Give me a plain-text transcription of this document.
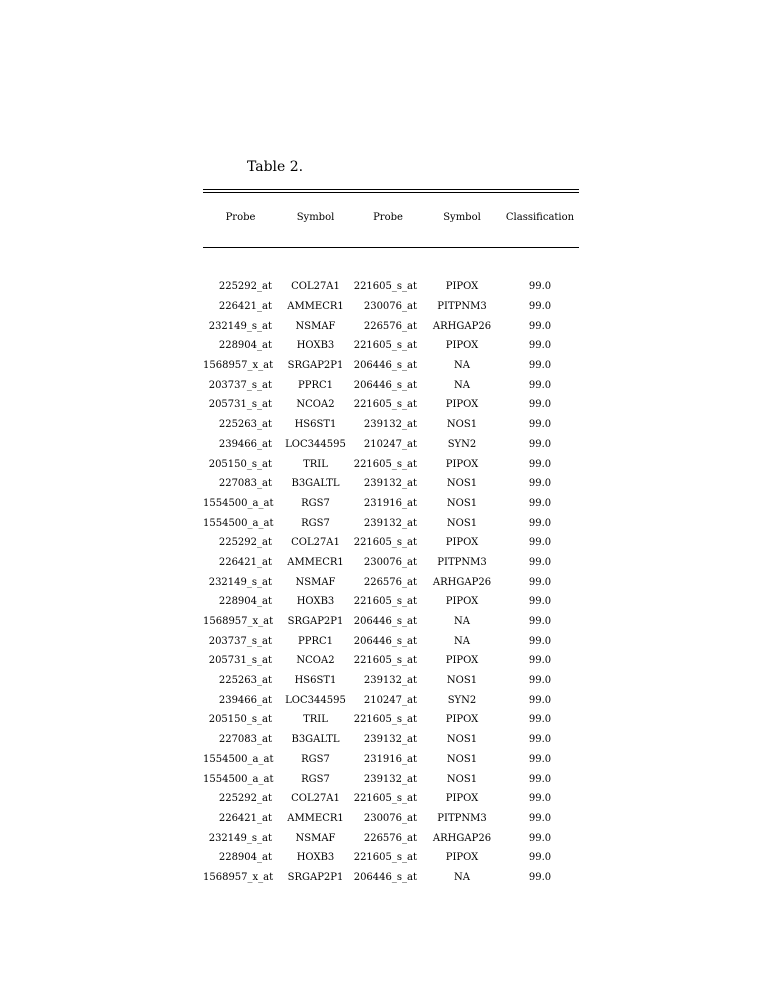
Table 2.
Probe	Symbol	Probe	Symbol	Classification

225292_at	COL27A1	221605_s_at	PIPOX	99.0
226421_at	AMMECR1	230076_at	PITPNM3	99.0
232149_s_at	NSMAF	226576_at	ARHGAP26	99.0
228904_at	HOXB3	221605_s_at	PIPOX	99.0
1568957_x_at	SRGAP2P1	206446_s_at	NA	99.0
203737_s_at	PPRC1	206446_s_at	NA	99.0
205731_s_at	NCOA2	221605_s_at	PIPOX	99.0
225263_at	HS6ST1	239132_at	NOS1	99.0
239466_at	LOC344595	210247_at	SYN2	99.0
205150_s_at	TRIL	221605_s_at	PIPOX	99.0
227083_at	B3GALTL	239132_at	NOS1	99.0
1554500_a_at	RGS7	231916_at	NOS1	99.0
1554500_a_at	RGS7	239132_at	NOS1	99.0
225292_at	COL27A1	221605_s_at	PIPOX	99.0
226421_at	AMMECR1	230076_at	PITPNM3	99.0
232149_s_at	NSMAF	226576_at	ARHGAP26	99.0
228904_at	HOXB3	221605_s_at	PIPOX	99.0
1568957_x_at	SRGAP2P1	206446_s_at	NA	99.0
203737_s_at	PPRC1	206446_s_at	NA	99.0
205731_s_at	NCOA2	221605_s_at	PIPOX	99.0
225263_at	HS6ST1	239132_at	NOS1	99.0
239466_at	LOC344595	210247_at	SYN2	99.0
205150_s_at	TRIL	221605_s_at	PIPOX	99.0
227083_at	B3GALTL	239132_at	NOS1	99.0
1554500_a_at	RGS7	231916_at	NOS1	99.0
1554500_a_at	RGS7	239132_at	NOS1	99.0
225292_at	COL27A1	221605_s_at	PIPOX	99.0
226421_at	AMMECR1	230076_at	PITPNM3	99.0
232149_s_at	NSMAF	226576_at	ARHGAP26	99.0
228904_at	HOXB3	221605_s_at	PIPOX	99.0
1568957_x_at	SRGAP2P1	206446_s_at	NA	99.0
